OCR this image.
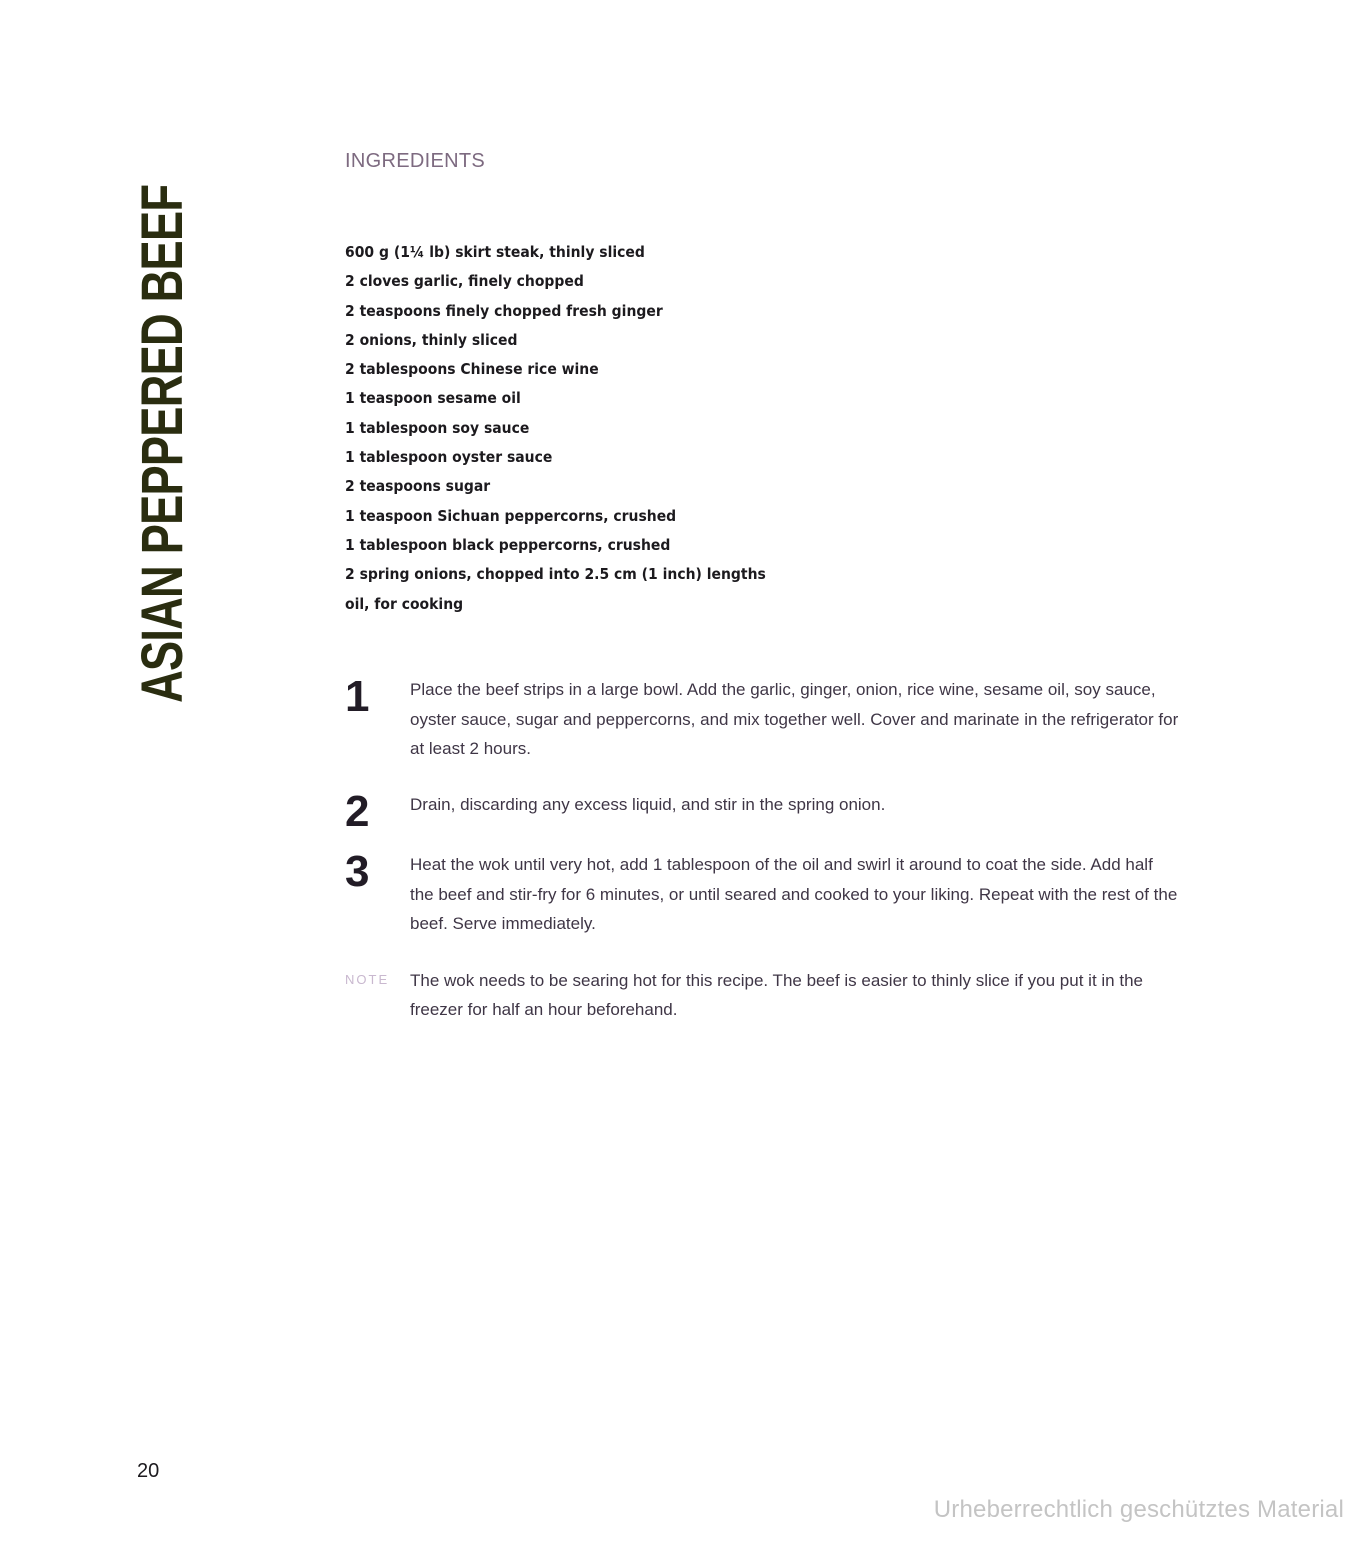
ASIAN PEPPERED BEEF
INGREDIENTS
600 g (1¼ lb) skirt steak, thinly sliced
2 cloves garlic, finely chopped
2 teaspoons finely chopped fresh ginger
2 onions, thinly sliced
2 tablespoons Chinese rice wine
1 teaspoon sesame oil
1 tablespoon soy sauce
1 tablespoon oyster sauce
2 teaspoons sugar
1 teaspoon Sichuan peppercorns, crushed
1 tablespoon black peppercorns, crushed
2 spring onions, chopped into 2.5 cm (1 inch) lengths
oil, for cooking
1 Place the beef strips in a large bowl. Add the garlic, ginger, onion, rice wine, sesame oil, soy sauce, oyster sauce, sugar and peppercorns, and mix together well. Cover and marinate in the refrigerator for at least 2 hours.
2 Drain, discarding any excess liquid, and stir in the spring onion.
3 Heat the wok until very hot, add 1 tablespoon of the oil and swirl it around to coat the side. Add half the beef and stir-fry for 6 minutes, or until seared and cooked to your liking. Repeat with the rest of the beef. Serve immediately.
NOTE The wok needs to be searing hot for this recipe. The beef is easier to thinly slice if you put it in the freezer for half an hour beforehand.
20
Urheberrechtlich geschütztes Material
